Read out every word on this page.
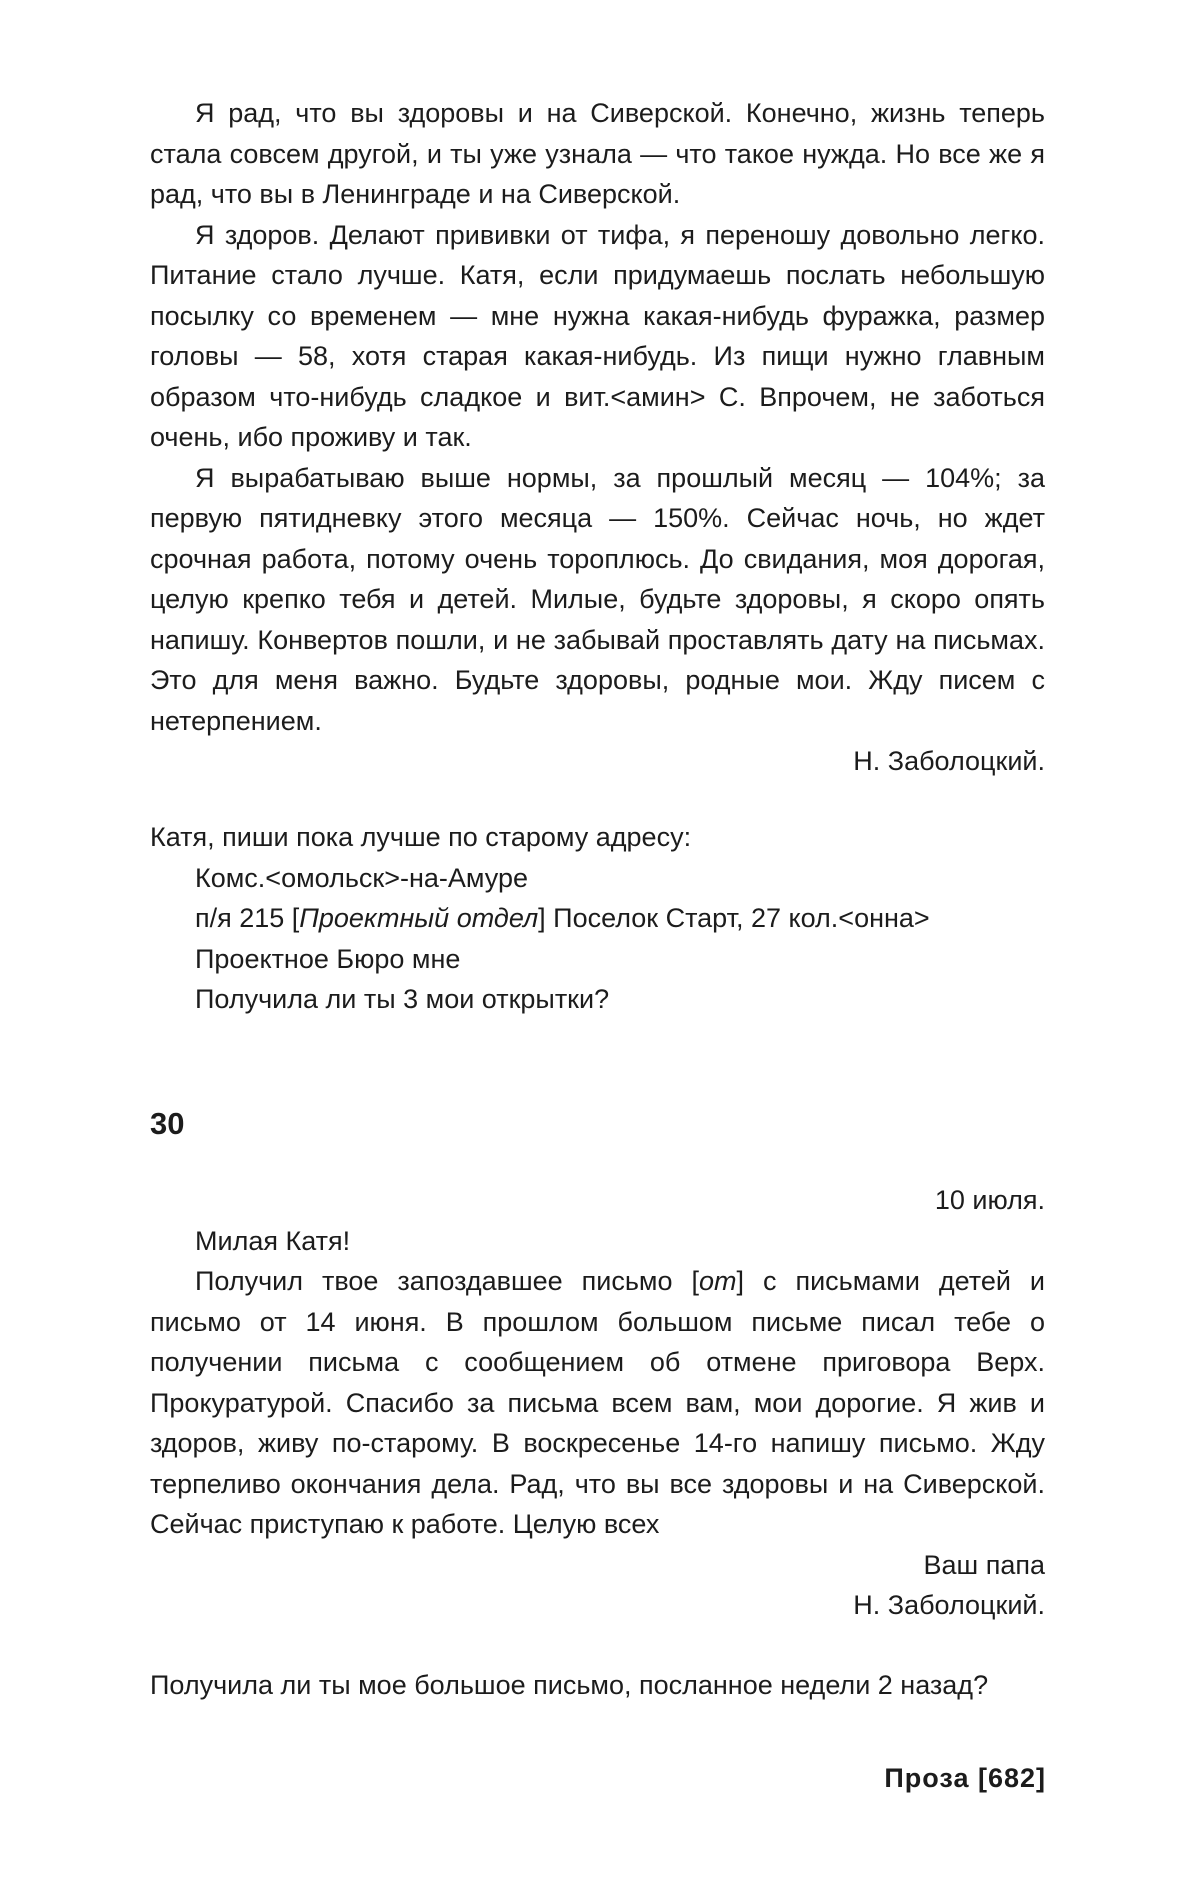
Я рад, что вы здоровы и на Сиверской. Конечно, жизнь теперь стала совсем другой, и ты уже узнала — что такое нужда. Но все же я рад, что вы в Ленинграде и на Сиверской.

Я здоров. Делают прививки от тифа, я переношу довольно легко. Питание стало лучше. Катя, если придумаешь послать небольшую посылку со временем — мне нужна какая-нибудь фуражка, размер головы — 58, хотя старая какая-нибудь. Из пищи нужно главным образом что-нибудь сладкое и вит.<амин> С. Впрочем, не заботься очень, ибо проживу и так.

Я вырабатываю выше нормы, за прошлый месяц — 104%; за первую пятидневку этого месяца — 150%. Сейчас ночь, но ждет срочная работа, потому очень тороплюсь. До свидания, моя дорогая, целую крепко тебя и детей. Милые, будьте здоровы, я скоро опять напишу. Конвертов пошли, и не забывай проставлять дату на письмах. Это для меня важно. Будьте здоровы, родные мои. Жду писем с нетерпением.

Н. Заболоцкий.

Катя, пиши пока лучше по старому адресу:

Комс.<омольск>-на-Амуре

п/я 215 [Проектный отдел] Поселок Старт, 27 кол.<онна>

Проектное Бюро мне

Получила ли ты 3 мои открытки?

30

10 июля.

Милая Катя!

Получил твое запоздавшее письмо [от] с письмами детей и письмо от 14 июня. В прошлом большом письме писал тебе о получении письма с сообщением об отмене приговора Верх. Прокуратурой. Спасибо за письма всем вам, мои дорогие. Я жив и здоров, живу по-старому. В воскресенье 14-го напишу письмо. Жду терпеливо окончания дела. Рад, что вы все здоровы и на Сиверской. Сейчас приступаю к работе. Целую всех

Ваш папа

Н. Заболоцкий.

Получила ли ты мое большое письмо, посланное недели 2 назад?
Проза [682]
